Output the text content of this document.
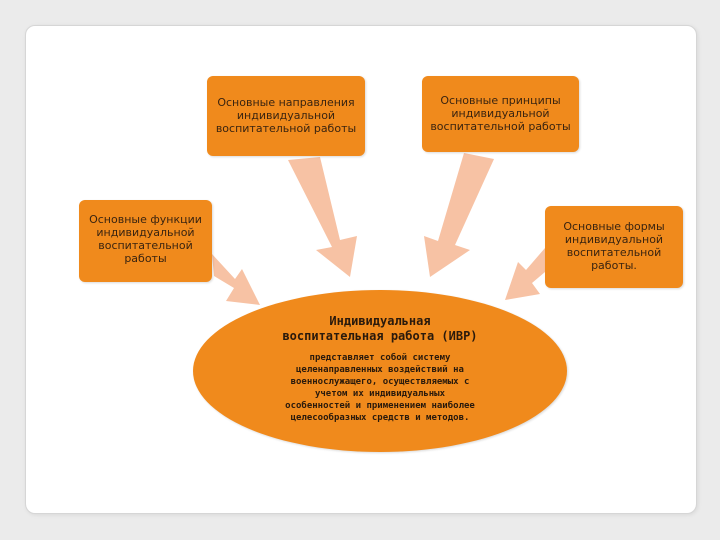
Основные направления
индивидуальной
воспитательной работы
Основные принципы
индивидуальной
воспитательной работы
Основные функции
индивидуальной
воспитательной
работы
Основные формы
индивидуальной
воспитательной
работы.
Индивидуальная
воспитательная работа (ИВР)
представляет собой систему
целенаправленных воздействий на
военнослужащего, осуществляемых с
учетом их индивидуальных
особенностей и применением наиболее
целесообразных средств и методов.
